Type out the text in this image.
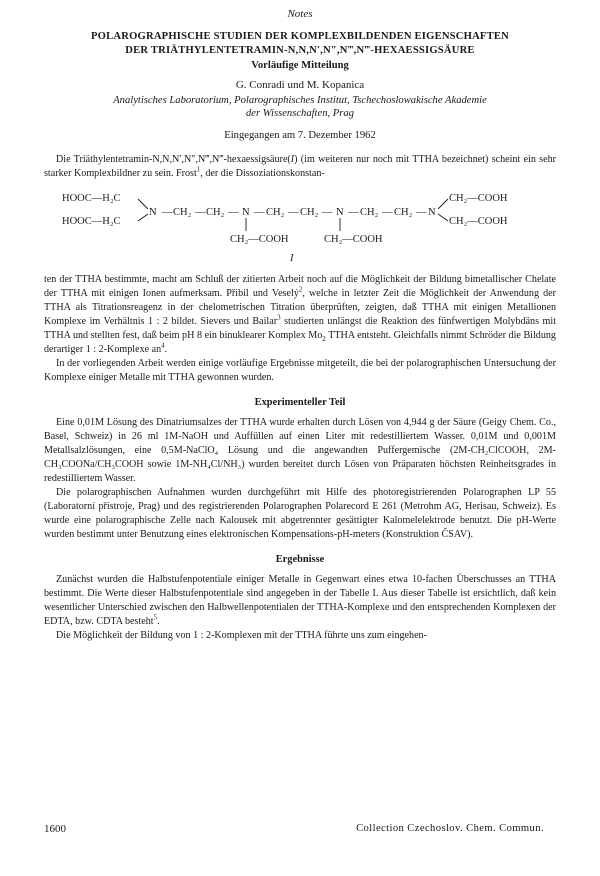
Notes

POLAROGRAPHISCHE STUDIEN DER KOMPLEXBILDENDEN EIGENSCHAFTEN

DER TRIÄTHYLENTETRAMIN-N,N,N′,N″,N‴,N‴-HEXAESSIGSÄURE

Vorläufige Mitteilung

G. Conradi und M. Kopanica

Analytisches Laboratorium, Polarographisches Institut, Tschechoslowakische Akademie
der Wissenschaften, Prag

Eingegangen am 7. Dezember 1962

Die Triäthylentetramin-N,N,N′,N″,N‴,N‴-hexaessigsäure(I) (im weiteren nur noch mit TTHA bezeichnet) scheint ein sehr starker Komplexbildner zu sein. Frost$^1$, der die Dissoziationskonstan-

HOOC—H₂C
HOOC—H₂C
N — CH₂ — CH₂ — N — CH₂ — CH₂ — N — CH₂ — CH₂ — N
CH₂—COOH	CH₂—COOH
CH₂—COOH
CH₂—COOH
I

ten der TTHA bestimmte, macht am Schluß der zitierten Arbeit noch auf die Möglichkeit der Bildung bimetallischer Chelate der TTHA mit einigen Ionen aufmerksam. Přibil und Veselý$^2$, welche in letzter Zeit die Möglichkeit der Anwendung der TTHA als Titrationsreagenz in der chelometrischen Titration überprüften, zeigten, daß TTHA mit einigen Metallionen Komplexe im Verhältnis 1 : 2 bildet. Sievers und Bailar$^3$ studierten unlängst die Reaktion des fünfwertigen Molybdäns mit TTHA und stellten fest, daß beim pH 8 ein binuklearer Komplex $Mo_2$ TTHA entsteht. Gleichfalls nimmt Schröder die Bildung derartiger 1 : 2-Komplexe $an^4$.

In der vorliegenden Arbeit werden einige vorläufige Ergebnisse mitgeteilt, die bei der polarographischen Untersuchung der Komplexe einiger Metalle mit TTHA gewonnen wurden.

Experimenteller Teil

Eine 0,01M Lösung des Dinatriumsalzes der TTHA wurde erhalten durch Lösen von 4,944 g der Säure (Geigy Chem. Co., Basel, Schweiz) in 26 ml 1M-NaOH und Auffüllen auf einen Liter mit redestilliertem Wasser. 0,01M und 0,001M Metallsalzlösungen, eine 0,5M-NaClO₄ Lösung und die angewandten Puffergemische (2M-CH₂ClCOOH, 2M-CH₃COONa/CH₃COOH sowie 1M-NH₄Cl/NH₃) wurden bereitet durch Lösen von Präparaten höchsten Reinheitsgrades in redestilliertem Wasser.

Die polarographischen Aufnahmen wurden durchgeführt mit Hilfe des photoregistrierenden Polarographen LP 55 (Laboratorní přístroje, Prag) und des registrierenden Polarographen Polarecord E 261 (Metrohm AG, Herisau, Schweiz). Es wurde eine polarographische Zelle nach Kalousek mit abgetrennter gesättigter Kalomelelektrode benutzt. Die pH-Werte wurden bestimmt unter Benutzung eines elektronischen Kompensations-pH-meters (Konstruktion ČSAV).

Ergebnisse

Zunächst wurden die Halbstufenpotentiale einiger Metalle in Gegenwart eines etwa 10-fachen Überschusses an TTHA bestimmt. Die Werte dieser Halbstufenpotentiale sind angegeben in der Tabelle I. Aus dieser Tabelle ist ersichtlich, daß kein wesentlicher Unterschied zwischen den Halbwellenpotentialen der TTHA-Komplexe und den entsprechenden Komplexen der EDTA, bzw. CDTA besteht$^5$.

Die Möglichkeit der Bildung von 1 : 2-Komplexen mit der TTHA führte uns zum eingehen-

1600	Collection Czechoslov. Chem. Commun.
